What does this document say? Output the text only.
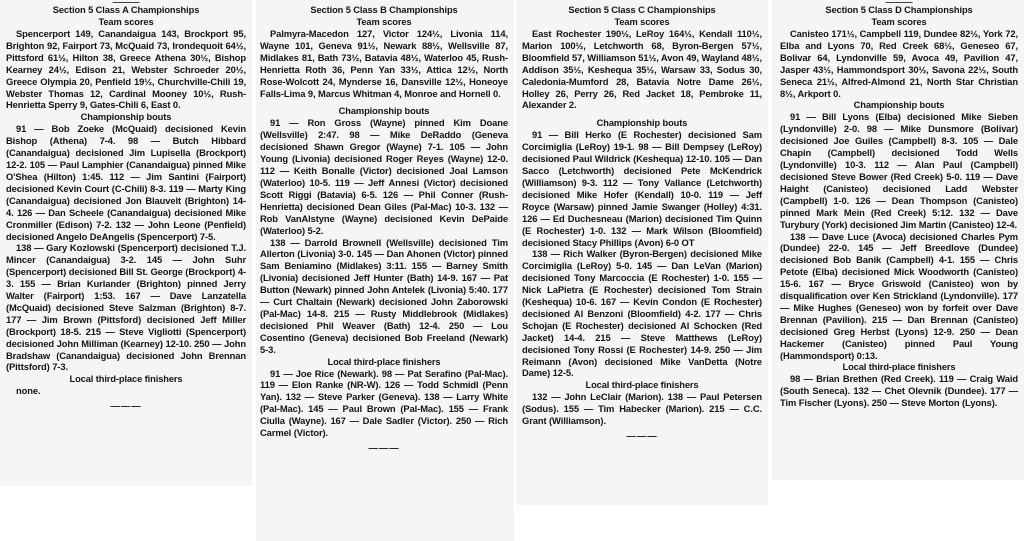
———
Section 5 Class A Championships
Team scores

Spencerport 149, Canandaigua 143, Brockport 95, Brighton 92, Fairport 73, McQuaid 73, Irondequoit 64½, Pittsford 61½, Hilton 38, Greece Athena 30½, Bishop Kearney 24½, Edison 21, Webster Schroeder 20½, Greece Olympia 20, Penfield 19½, Churchville-Chili 19, Webster Thomas 12, Cardinal Mooney 10½, Rush-Henrietta Sperry 9, Gates-Chili 6, East 0.

Championship bouts

91 — Bob Zoeke (McQuaid) decisioned Kevin Bishop (Athena) 7-4. 98 — Butch Hibbard (Canandaigua) decisioned Jim Lupisella (Brockport) 12-2. 105 — Paul Lamphier (Canandaigua) pinned Mike O'Shea (Hilton) 1:45. 112 — Jim Santini (Fairport) decisioned Kevin Court (C-Chili) 8-3. 119 — Marty King (Canandaigua) decisioned Jon Blauvelt (Brighton) 14-4. 126 — Dan Scheele (Canandaigua) decisioned Mike Cronmiller (Edison) 7-2. 132 — John Leone (Penfield) decisioned Angelo DeAngelis (Spencerport) 7-5.

138 — Gary Kozlowski (Spencerport) decisioned T.J. Mincer (Canandaigua) 3-2. 145 — John Suhr (Spencerport) decisioned Bill St. George (Brockport) 4-3. 155 — Brian Kurlander (Brighton) pinned Jerry Walter (Fairport) 1:53. 167 — Dave Lanzatella (McQuaid) decisioned Steve Salzman (Brighton) 8-7. 177 — Jim Brown (Pittsford) decisioned Jeff Miller (Brockport) 18-5. 215 — Steve Vigliotti (Spencerport) decisioned John Milliman (Kearney) 12-10. 250 — John Bradshaw (Canandaigua) decisioned John Brennan (Pittsford) 7-3.

Local third-place finishers

none.

———
Section 5 Class B Championships
Team scores

Palmyra-Macedon 127, Victor 124½, Livonia 114, Wayne 101, Geneva 91½, Newark 88½, Wellsville 87, Midlakes 81, Bath 73½, Batavia 48½, Waterloo 45, Rush-Henrietta Roth 36, Penn Yan 33½, Attica 12½, North Rose-Wolcott 24, Mynderse 16, Dansville 12½, Honeoye Falls-Lima 9, Marcus Whitman 4, Monroe and Hornell 0.

Championship bouts

91 — Ron Gross (Wayne) pinned Kim Doane (Wellsville) 2:47. 98 — Mike DeRaddo (Geneva decisioned Shawn Gregor (Wayne) 7-1. 105 — John Young (Livonia) decisioned Roger Reyes (Wayne) 12-0. 112 — Keith Bonalle (Victor) decisioned Joal Lamson (Waterloo) 10-5. 119 — Jeff Annesi (Victor) decisioned Scott Riggi (Batavia) 6-5. 126 — Phil Conner (Rush-Henrietta) decisioned Dean Giles (Pal-Mac) 10-3. 132 — Rob VanAlstyne (Wayne) decisioned Kevin DePaide (Waterloo) 5-2.

138 — Darrold Brownell (Wellsville) decisioned Tim Allerton (Livonia) 3-0. 145 — Dan Ahonen (Victor) pinned Sam Beniamino (Midlakes) 3:11. 155 — Barney Smith (Livonia) decisioned Jeff Hunter (Bath) 14-9. 167 — Pat Button (Newark) pinned John Antelek (Livonia) 5:40. 177 — Curt Chaltain (Newark) decisioned John Zaborowski (Pal-Mac) 14-8. 215 — Rusty Middlebrook (Midlakes) decisioned Phil Weaver (Bath) 12-4. 250 — Lou Cosentino (Geneva) decisioned Bob Freeland (Newark) 5-3.

Local third-place finishers

91 — Joe Rice (Newark). 98 — Pat Serafino (Pal-Mac). 119 — Elon Ranke (NR-W). 126 — Todd Schmidl (Penn Yan). 132 — Steve Parker (Geneva). 138 — Larry White (Pal-Mac). 145 — Paul Brown (Pal-Mac). 155 — Frank Ciulla (Wayne). 167 — Dale Sadler (Victor). 250 — Rich Carmel (Victor).

———
Section 5 Class C Championships
Team scores

East Rochester 190½, LeRoy 164½, Kendall 110½, Marion 100½, Letchworth 68, Byron-Bergen 57½, Bloomfield 57, Williamson 51½, Avon 49, Wayland 48½, Addison 35½, Keshequa 35½, Warsaw 33, Sodus 30, Caledonia-Mumford 28, Batavia Notre Dame 26½, Holley 26, Perry 26, Red Jacket 18, Pembroke 11, Alexander 2.

Championship bouts

91 — Bill Herko (E Rochester) decisioned Sam Corcimiglia (LeRoy) 19-1. 98 — Bill Dempsey (LeRoy) decisioned Paul Wildrick (Keshequa) 12-10. 105 — Dan Sacco (Letchworth) decisioned Pete McKendrick (Williamson) 9-3. 112 — Tony Vallance (Letchworth) decisioned Mike Hofer (Kendall) 10-0. 119 — Jeff Royce (Warsaw) pinned Jamie Swanger (Holley) 4:31. 126 — Ed Duchesneau (Marion) decisioned Tim Quinn (E Rochester) 1-0. 132 — Mark Wilson (Bloomfield) decisioned Stacy Phillips (Avon) 6-0 OT

138 — Rich Walker (Byron-Bergen) decisioned Mike Corcimiglia (LeRoy) 5-0. 145 — Dan LeVan (Marion) decisioned Tony Marcoccia (E Rochester) 1-0. 155 — Nick LaPietra (E Rochester) decisioned Tom Strain (Keshequa) 10-6. 167 — Kevin Condon (E Rochester) decisioned Al Benzoni (Bloomfield) 4-2. 177 — Chris Schojan (E Rochester) decisioned Al Schocken (Red Jacket) 14-4. 215 — Steve Matthews (LeRoy) decisioned Tony Rossi (E Rochester) 14-9. 250 — Jim Reimann (Avon) decisioned Mike VanDetta (Notre Dame) 12-5.

Local third-place finishers

132 — John LeClair (Marion). 138 — Paul Petersen (Sodus). 155 — Tim Habecker (Marion). 215 — C.C. Grant (Williamson).

———
———
Section 5 Class D Championships
Team scores

Canisteo 171½, Campbell 119, Dundee 82½, York 72, Elba and Lyons 70, Red Creek 68½, Geneseo 67, Bolivar 64, Lyndonville 59, Avoca 49, Pavilion 47, Jasper 43½, Hammondsport 30½, Savona 22½, South Seneca 21½, Alfred-Almond 21, North Star Christian 8½, Arkport 0.

Championship bouts

91 — Bill Lyons (Elba) decisioned Mike Sieben (Lyndonville) 2-0. 98 — Mike Dunsmore (Bolivar) decisioned Joe Guiles (Campbell) 8-3. 105 — Dale Chapin (Campbell) decisioned Todd Wells (Lyndonville) 10-3. 112 — Alan Paul (Campbell) decisioned Steve Bower (Red Creek) 5-0. 119 — Dave Haight (Canisteo) decisioned Ladd Webster (Campbell) 1-0. 126 — Dean Thompson (Canisteo) pinned Mark Mein (Red Creek) 5:12. 132 — Dave Turybury (York) decisioned Jim Martin (Canisteo) 12-4.

138 — Dave Luce (Avoca) decisioned Charles Pym (Dundee) 22-0. 145 — Jeff Breedlove (Dundee) decisioned Bob Banik (Campbell) 4-1. 155 — Chris Petote (Elba) decisioned Mick Woodworth (Canisteo) 15-6. 167 — Bryce Griswold (Canisteo) won by disqualification over Ken Strickland (Lyndonville). 177 — Mike Hughes (Geneseo) won by forfeit over Dave Brennan (Pavilion). 215 — Dan Brennan (Canisteo) decisioned Greg Herbst (Lyons) 12-9. 250 — Dean Hackemer (Canisteo) pinned Paul Young (Hammondsport) 0:13.

Local third-place finishers

98 — Brian Brethen (Red Creek). 119 — Craig Waid (South Seneca). 132 — Chet Olevnik (Dundee). 177 — Tim Fischer (Lyons). 250 — Steve Morton (Lyons).
